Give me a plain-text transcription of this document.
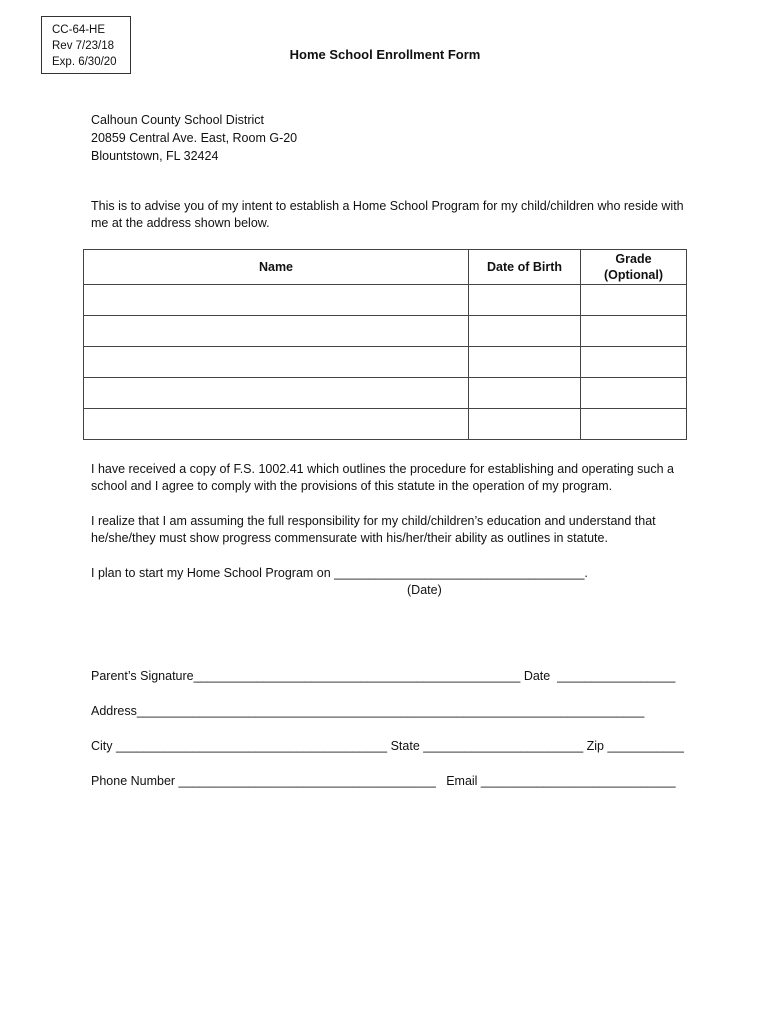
CC-64-HE
Rev 7/23/18
Exp. 6/30/20	Home School Enrollment Form
Calhoun County School District
20859 Central Ave. East, Room G-20
Blountstown, FL 32424
This is to advise you of my intent to establish a Home School Program for my child/children who reside with me at the address shown below.
Name	Date of Birth	Grade
(Optional)

I have received a copy of F.S. 1002.41 which outlines the procedure for establishing and operating such a school and I agree to comply with the provisions of this statute in the operation of my program.
I realize that I am assuming the full responsibility for my child/children’s education and understand that he/she/they must show progress commensurate with his/her/their ability as outlines in statute.
I plan to start my Home School Program on ____________________________________.
(Date)
Parent’s Signature_______________________________________________ Date  _________________
Address_________________________________________________________________________
City _______________________________________ State _______________________ Zip ___________
Phone Number _____________________________________   Email ____________________________
